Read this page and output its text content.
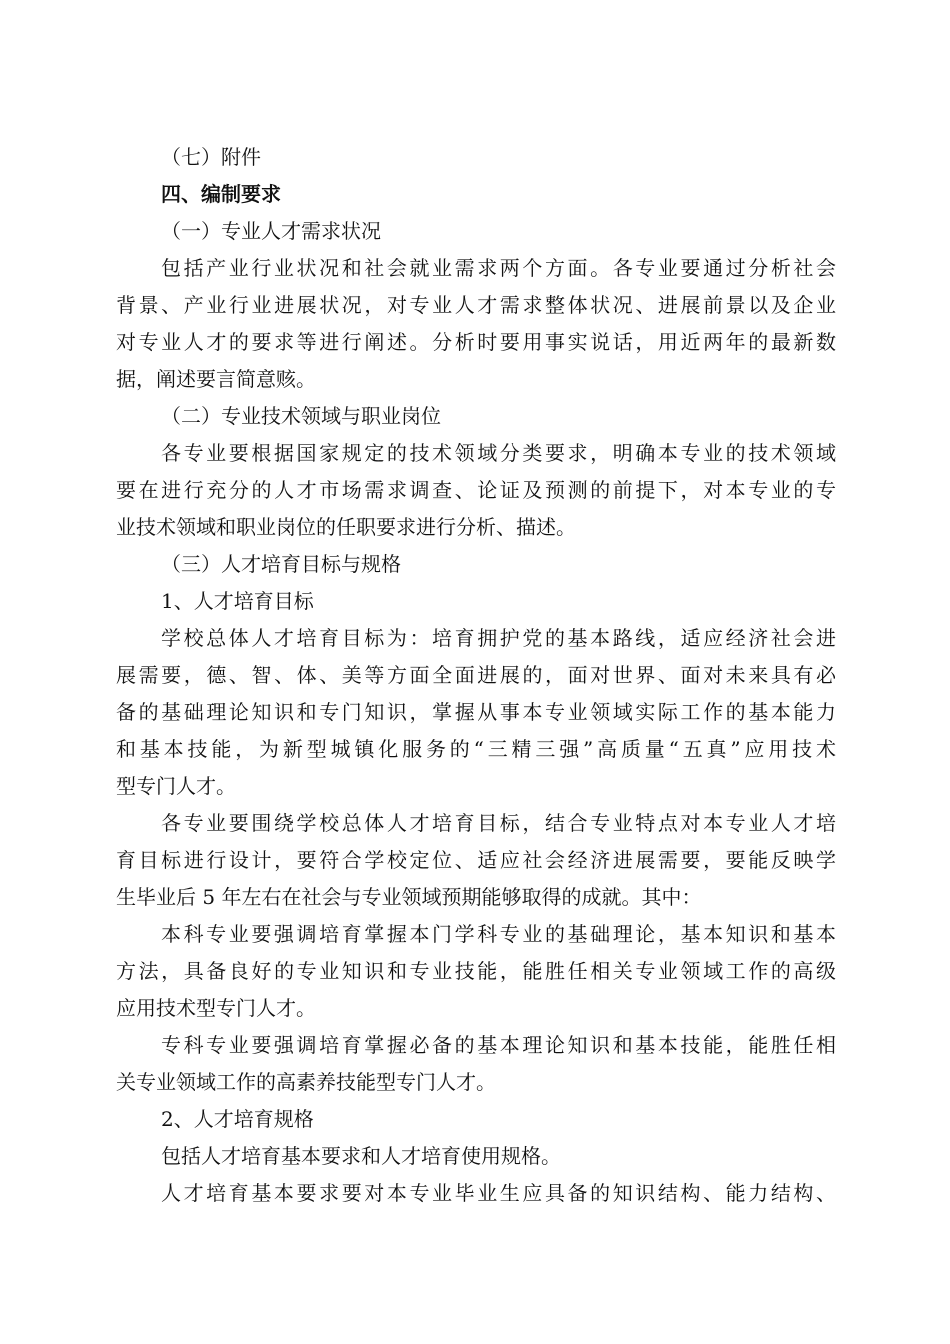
（七）附件
四、编制要求
（一）专业人才需求状况
包括产业行业状况和社会就业需求两个方面。各专业要通过分析社会
背景、产业行业进展状况，对专业人才需求整体状况、进展前景以及企业
对专业人才的要求等进行阐述。分析时要用事实说话，用近两年的最新数
据，阐述要言简意赅。
（二）专业技术领域与职业岗位
各专业要根据国家规定的技术领域分类要求，明确本专业的技术领域
要在进行充分的人才市场需求调查、论证及预测的前提下，对本专业的专
业技术领域和职业岗位的任职要求进行分析、描述。
（三）人才培育目标与规格
1、人才培育目标
学校总体人才培育目标为：培育拥护党的基本路线，适应经济社会进
展需要，德、智、体、美等方面全面进展的，面对世界、面对未来具有必
备的基础理论知识和专门知识，掌握从事本专业领域实际工作的基本能力
和基本技能，为新型城镇化服务的“三精三强”高质量“五真”应用技术
型专门人才。
各专业要围绕学校总体人才培育目标，结合专业特点对本专业人才培
育目标进行设计，要符合学校定位、适应社会经济进展需要，要能反映学
生毕业后 5 年左右在社会与专业领域预期能够取得的成就。其中：
本科专业要强调培育掌握本门学科专业的基础理论，基本知识和基本
方法，具备良好的专业知识和专业技能，能胜任相关专业领域工作的高级
应用技术型专门人才。
专科专业要强调培育掌握必备的基本理论知识和基本技能，能胜任相
关专业领域工作的高素养技能型专门人才。
2、人才培育规格
包括人才培育基本要求和人才培育使用规格。
人才培育基本要求要对本专业毕业生应具备的知识结构、能力结构、
